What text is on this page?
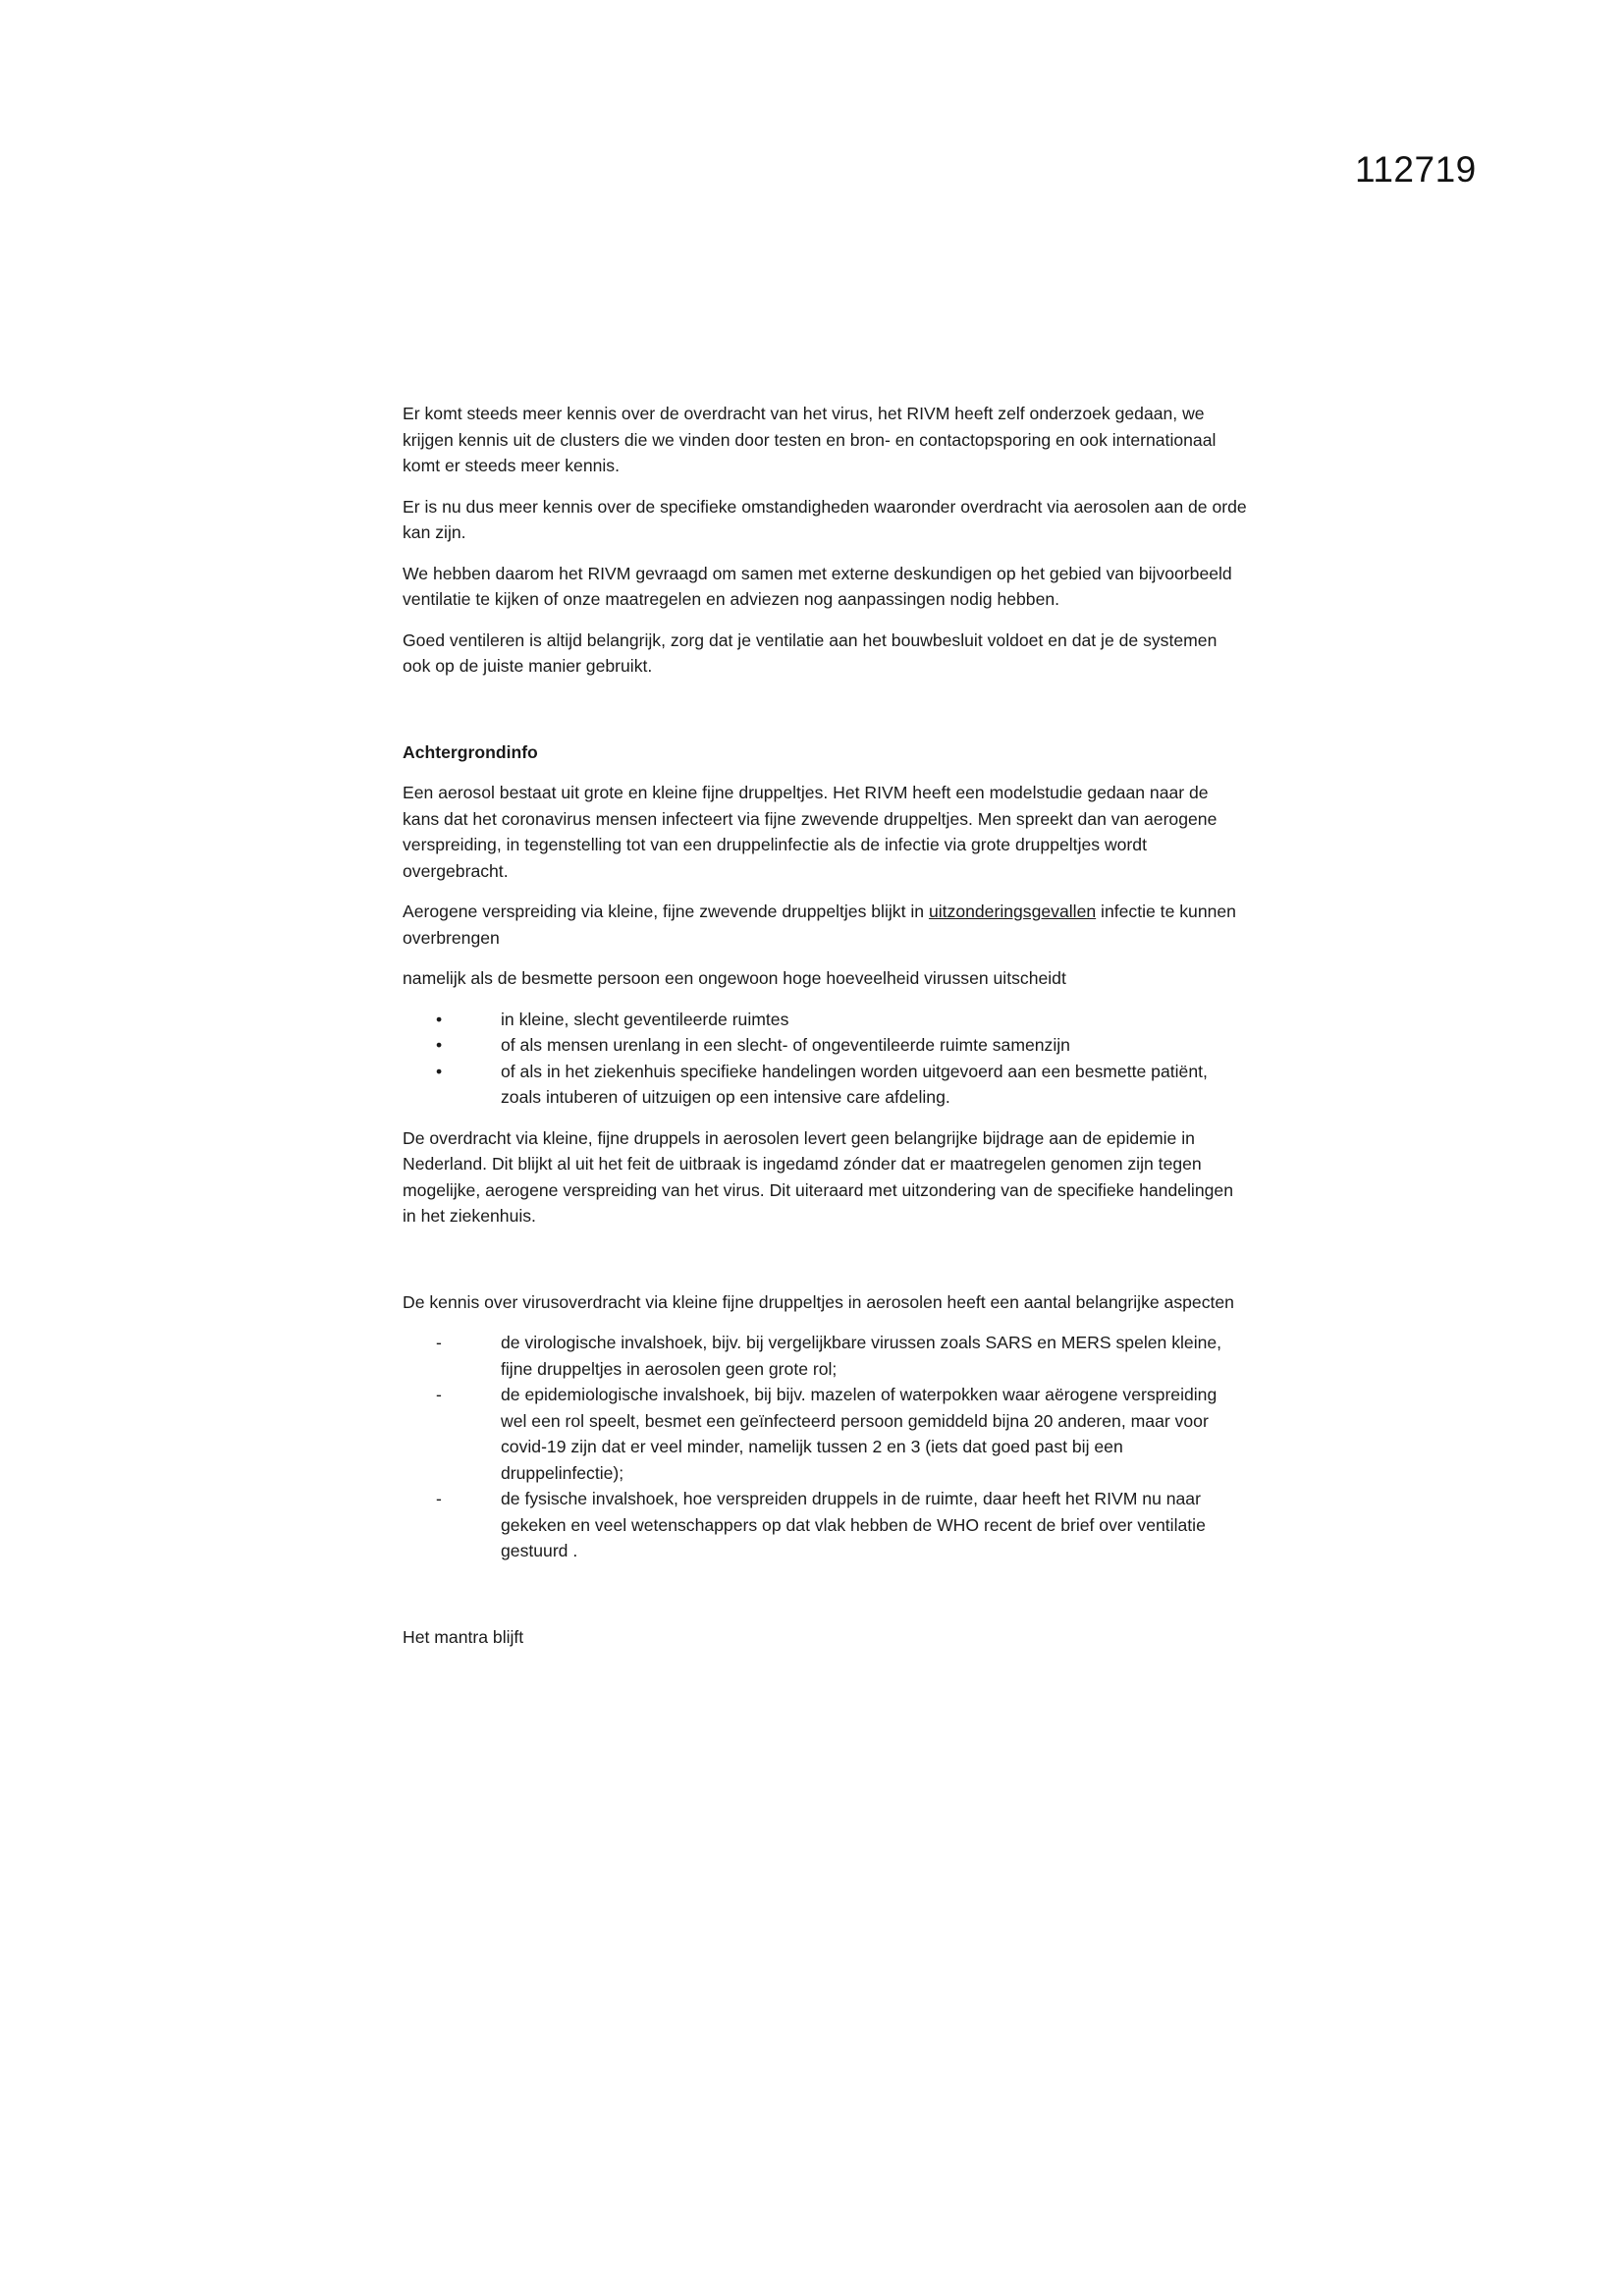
112719

Er komt steeds meer kennis over de overdracht van het virus, het RIVM heeft zelf onderzoek gedaan, we krijgen kennis uit de clusters die we vinden door testen en bron- en contactopsporing en ook internationaal komt er steeds meer kennis.

Er is nu dus meer kennis over de specifieke omstandigheden waaronder overdracht via aerosolen aan de orde kan zijn.

We hebben daarom het RIVM gevraagd om samen met externe deskundigen op het gebied van bijvoorbeeld ventilatie te kijken of onze maatregelen en adviezen nog aanpassingen nodig hebben.

Goed ventileren is altijd belangrijk, zorg dat je ventilatie aan het bouwbesluit voldoet en dat je de systemen ook op de juiste manier gebruikt.

Achtergrondinfo

Een aerosol bestaat uit grote en kleine fijne druppeltjes. Het RIVM heeft een modelstudie gedaan naar de kans dat het coronavirus mensen infecteert via fijne zwevende druppeltjes. Men spreekt dan van aerogene verspreiding, in tegenstelling tot van een druppelinfectie als de infectie via grote druppeltjes wordt overgebracht.

Aerogene verspreiding via kleine, fijne zwevende druppeltjes blijkt in uitzonderingsgevallen infectie te kunnen overbrengen

namelijk als de besmette persoon een ongewoon hoge hoeveelheid virussen uitscheidt

•	in kleine, slecht geventileerde ruimtes
•	of als mensen urenlang in een slecht- of ongeventileerde ruimte samenzijn
•	of als in het ziekenhuis specifieke handelingen worden uitgevoerd aan een besmette patiënt, zoals intuberen of uitzuigen op een intensive care afdeling.

De overdracht via kleine, fijne druppels in aerosolen levert geen belangrijke bijdrage aan de epidemie in Nederland. Dit blijkt al uit het feit de uitbraak is ingedamd zónder dat er maatregelen genomen zijn tegen mogelijke, aerogene verspreiding van het virus. Dit uiteraard met uitzondering van de specifieke handelingen in het ziekenhuis.

De kennis over virusoverdracht via kleine fijne druppeltjes in aerosolen heeft een aantal belangrijke aspecten

-	de virologische invalshoek, bijv. bij vergelijkbare virussen zoals SARS en MERS spelen kleine, fijne druppeltjes in aerosolen geen grote rol;
-	de epidemiologische invalshoek, bij bijv. mazelen of waterpokken waar aërogene verspreiding wel een rol speelt, besmet een geïnfecteerd persoon gemiddeld bijna 20 anderen, maar voor covid-19 zijn dat er veel minder, namelijk tussen 2 en 3 (iets dat goed past bij een druppelinfectie);
-	de fysische invalshoek, hoe verspreiden druppels in de ruimte, daar heeft het RIVM nu naar gekeken en veel wetenschappers op dat vlak hebben de WHO recent de brief over ventilatie gestuurd .

Het mantra blijft
